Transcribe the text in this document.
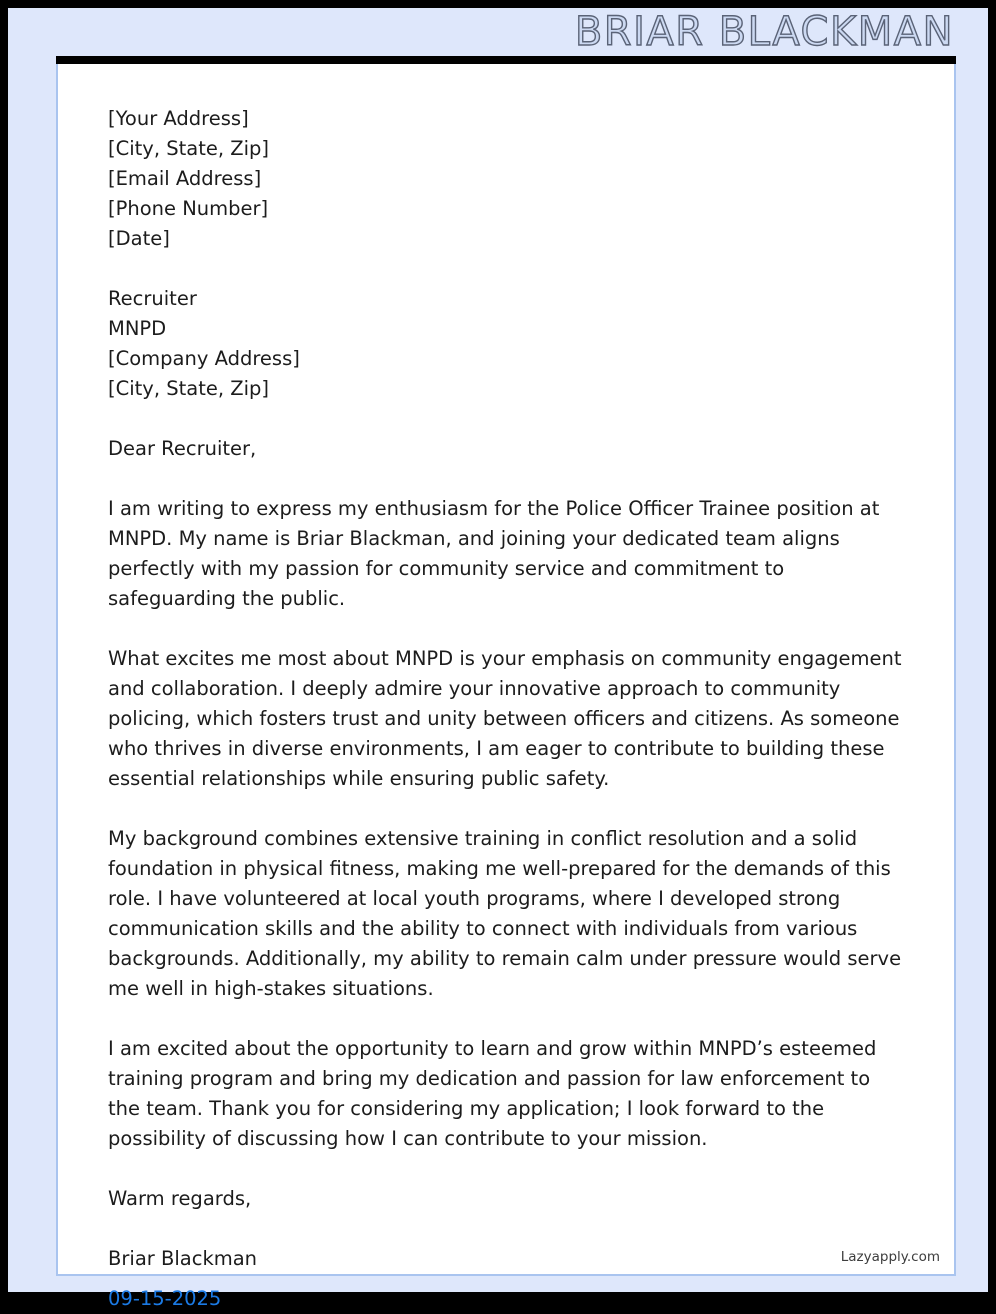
BRIAR BLACKMAN

[Your Address]

[City, State, Zip]

[Email Address]

[Phone Number]

[Date]

Recruiter

MNPD

[Company Address]

[City, State, Zip]

Dear Recruiter,

I am writing to express my enthusiasm for the Police Officer Trainee position at MNPD. My name is Briar Blackman, and joining your dedicated team aligns perfectly with my passion for community service and commitment to safeguarding the public.

What excites me most about MNPD is your emphasis on community engagement and collaboration. I deeply admire your innovative approach to community policing, which fosters trust and unity between officers and citizens. As someone who thrives in diverse environments, I am eager to contribute to building these essential relationships while ensuring public safety.

My background combines extensive training in conflict resolution and a solid foundation in physical fitness, making me well-prepared for the demands of this role. I have volunteered at local youth programs, where I developed strong communication skills and the ability to connect with individuals from various backgrounds. Additionally, my ability to remain calm under pressure would serve me well in high-stakes situations.

I am excited about the opportunity to learn and grow within MNPD’s esteemed training program and bring my dedication and passion for law enforcement to the team. Thank you for considering my application; I look forward to the possibility of discussing how I can contribute to your mission.

Warm regards,

Briar Blackman

09-15-2025

Lazyapply.com
